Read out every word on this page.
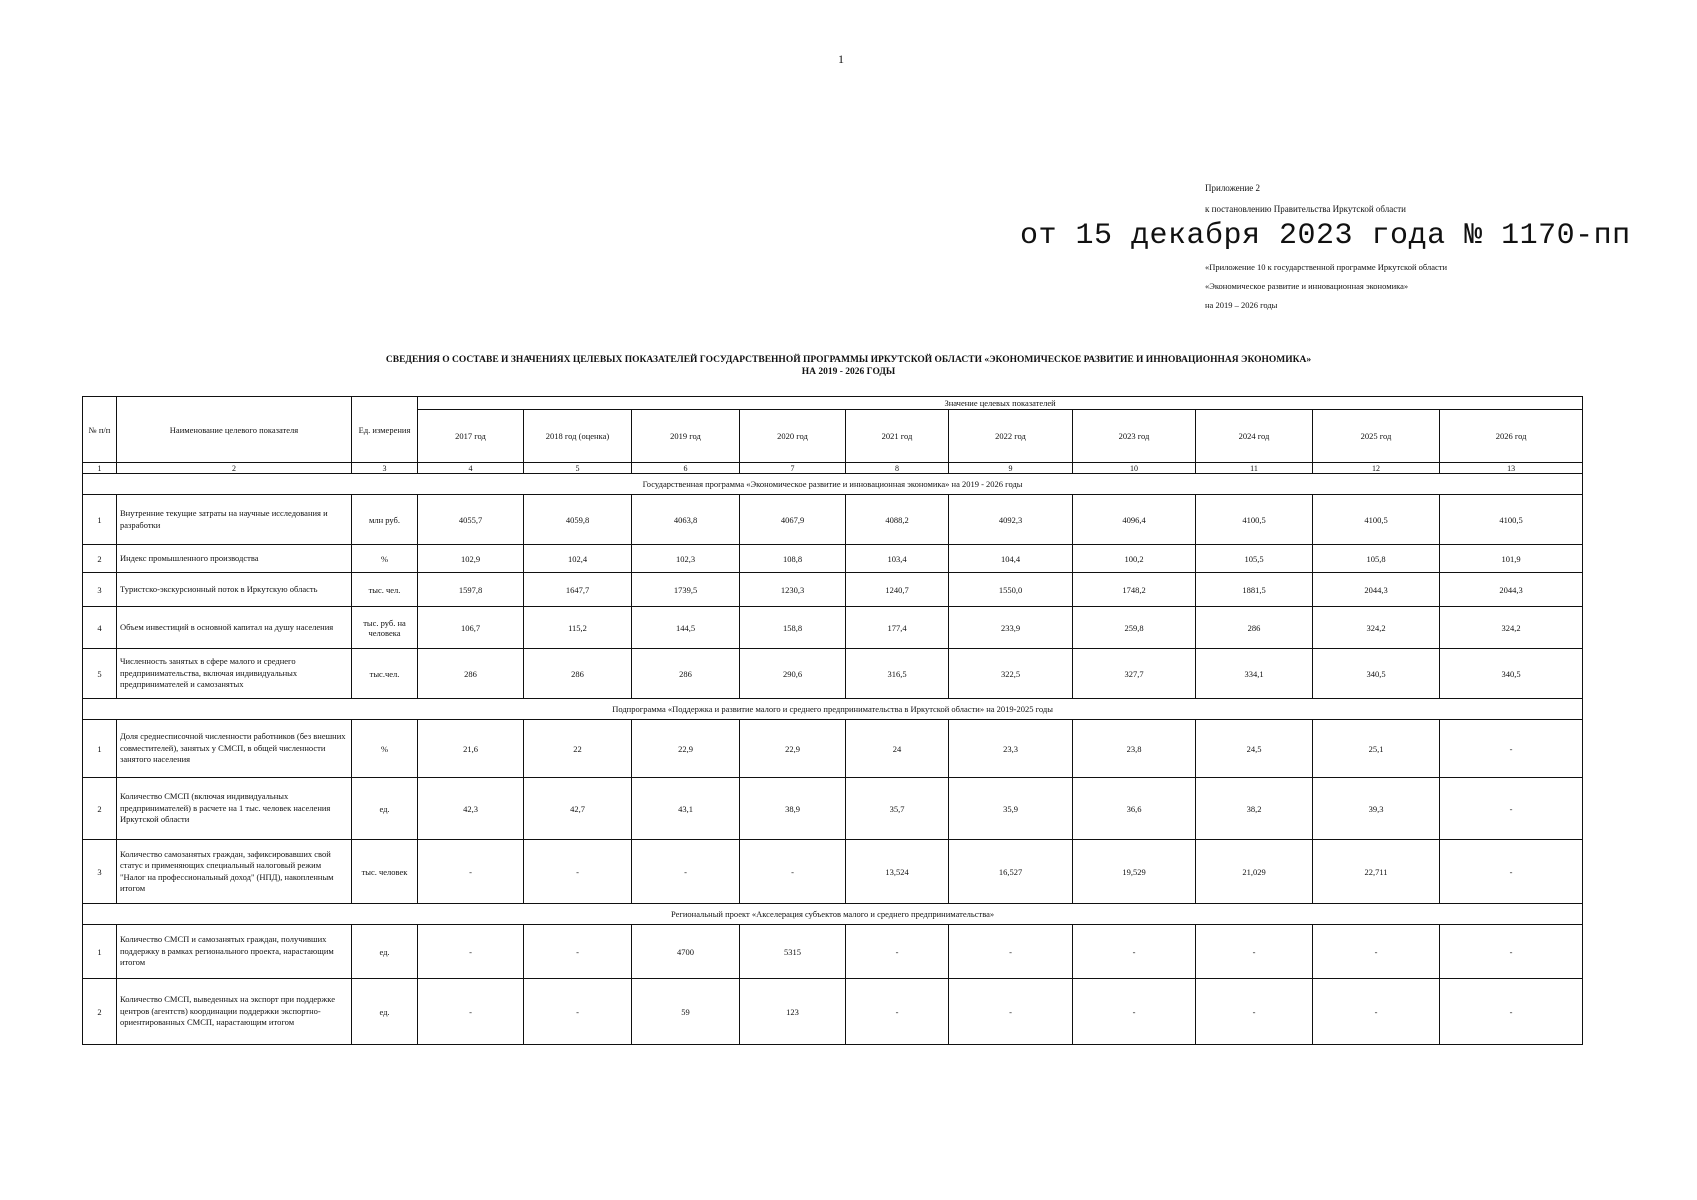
1
Приложение 2
к постановлению Правительства Иркутской области
от 15 декабря 2023 года № 1170-пп
«Приложение 10 к государственной программе Иркутской области
«Экономическое развитие и инновационная экономика»
на 2019 – 2026 годы
СВЕДЕНИЯ О СОСТАВЕ И ЗНАЧЕНИЯХ ЦЕЛЕВЫХ ПОКАЗАТЕЛЕЙ ГОСУДАРСТВЕННОЙ ПРОГРАММЫ ИРКУТСКОЙ ОБЛАСТИ «ЭКОНОМИЧЕСКОЕ РАЗВИТИЕ И ИННОВАЦИОННАЯ ЭКОНОМИКА»
НА 2019 - 2026 ГОДЫ
№ п/п	Наименование целевого показателя	Ед. измерения	Значение целевых показателей									
			2017 год	2018 год (оценка)	2019 год	2020 год	2021 год	2022 год	2023 год	2024 год	2025 год	2026 год
1	2	3	4	5	6	7	8	9	10	11	12	13
Государственная программа «Экономическое развитие и инновационная экономика» на 2019 - 2026 годы												
1	Внутренние текущие затраты на научные исследования и разработки	млн руб.	4055,7	4059,8	4063,8	4067,9	4088,2	4092,3	4096,4	4100,5	4100,5	4100,5
2	Индекс промышленного производства	%	102,9	102,4	102,3	108,8	103,4	104,4	100,2	105,5	105,8	101,9
3	Туристско-экскурсионный поток в Иркутскую область	тыс. чел.	1597,8	1647,7	1739,5	1230,3	1240,7	1550,0	1748,2	1881,5	2044,3	2044,3
4	Объем инвестиций в основной капитал на душу населения	тыс. руб. на человека	106,7	115,2	144,5	158,8	177,4	233,9	259,8	286	324,2	324,2
5	Численность занятых в сфере малого и среднего предпринимательства, включая индивидуальных предпринимателей и самозанятых	тыс.чел.	286	286	286	290,6	316,5	322,5	327,7	334,1	340,5	340,5
Подпрограмма «Поддержка и развитие малого и среднего предпринимательства в Иркутской области» на 2019-2025 годы												
1	Доля среднесписочной численности работников (без внешних совместителей), занятых у СМСП, в общей численности занятого населения	%	21,6	22	22,9	22,9	24	23,3	23,8	24,5	25,1	-
2	Количество СМСП (включая индивидуальных предпринимателей) в расчете на 1 тыс. человек населения Иркутской области	ед.	42,3	42,7	43,1	38,9	35,7	35,9	36,6	38,2	39,3	-
3	Количество самозанятых граждан, зафиксировавших свой статус и применяющих специальный налоговый режим "Налог на профессиональный доход" (НПД), накопленным итогом	тыс. человек	-	-	-	-	13,524	16,527	19,529	21,029	22,711	-
Региональный проект «Акселерация субъектов малого и среднего предпринимательства»												
1	Количество СМСП и самозанятых граждан, получивших поддержку в рамках регионального проекта, нарастающим итогом	ед.	-	-	4700	5315	-	-	-	-	-	-
2	Количество СМСП, выведенных на экспорт при поддержке центров (агентств) координации поддержки экспортно-ориентированных СМСП, нарастающим итогом	ед.	-	-	59	123	-	-	-	-	-	-
